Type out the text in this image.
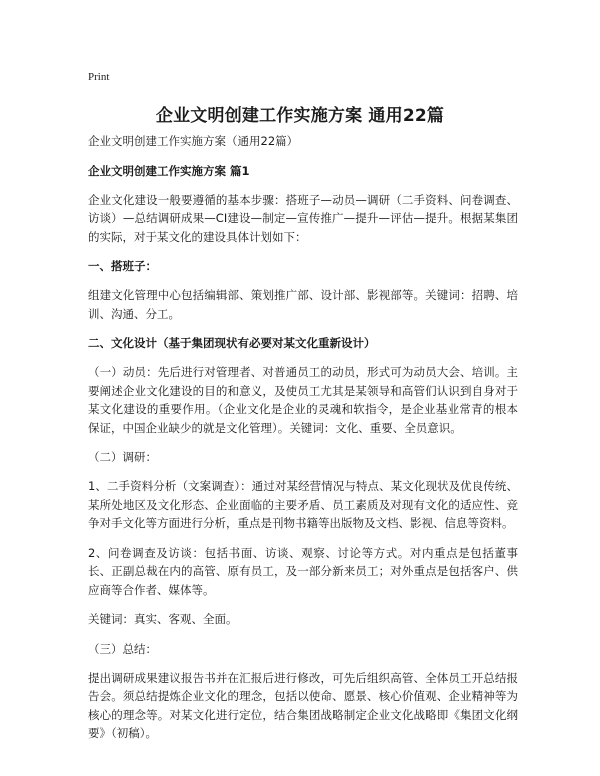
Print
企业文明创建工作实施方案 通用22篇

企业文明创建工作实施方案（通用22篇）

企业文明创建工作实施方案 篇1

企业文化建设一般要遵循的基本步骤：搭班子—动员—调研（二手资料、问卷调查、访谈）—总结调研成果—CI建设—制定—宣传推广—提升—评估—提升。根据某集团的实际，对于某文化的建设具体计划如下：

一、搭班子：

组建文化管理中心包括编辑部、策划推广部、设计部、影视部等。关键词：招聘、培训、沟通、分工。

二、文化设计（基于集团现状有必要对某文化重新设计）

（一）动员：先后进行对管理者、对普通员工的动员，形式可为动员大会、培训。主要阐述企业文化建设的目的和意义，及使员工尤其是某领导和高管们认识到自身对于某文化建设的重要作用。（企业文化是企业的灵魂和软指令，是企业基业常青的根本保证，中国企业缺少的就是文化管理）。关键词：文化、重要、全员意识。

（二）调研：

1、二手资料分析（文案调查）：通过对某经营情况与特点、某文化现状及优良传统、某所处地区及文化形态、企业面临的主要矛盾、员工素质及对现有文化的适应性、竞争对手文化等方面进行分析，重点是刊物书籍等出版物及文档、影视、信息等资料。

2、问卷调查及访谈：包括书面、访谈、观察、讨论等方式。对内重点是包括董事长、正副总裁在内的高管、原有员工，及一部分新来员工；对外重点是包括客户、供应商等合作者、媒体等。

关键词：真实、客观、全面。

（三）总结：

提出调研成果建议报告书并在汇报后进行修改，可先后组织高管、全体员工开总结报告会。须总结提炼企业文化的理念，包括以使命、愿景、核心价值观、企业精神等为核心的理念等。对某文化进行定位，结合集团战略制定企业文化战略即《集团文化纲要》（初稿）。
